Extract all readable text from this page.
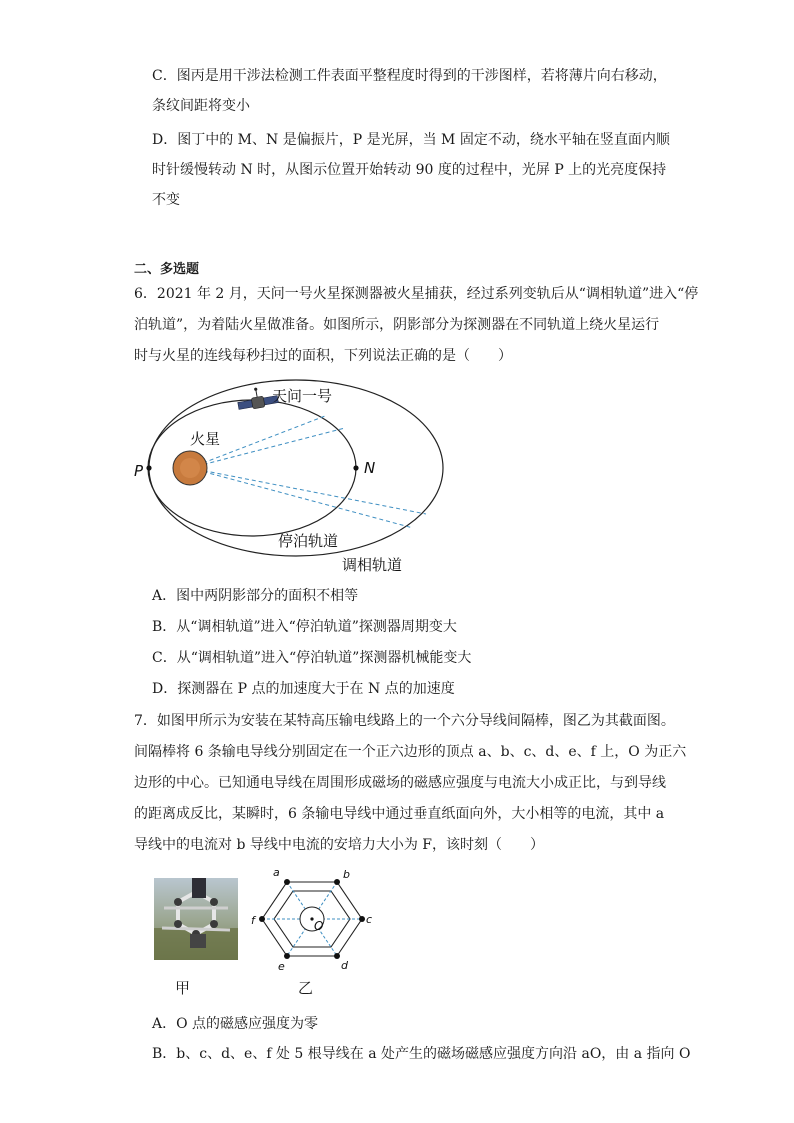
C．图丙是用干涉法检测工件表面平整程度时得到的干涉图样，若将薄片向右移动，
条纹间距将变小
D．图丁中的 M、N 是偏振片，P 是光屏，当 M 固定不动，绕水平轴在竖直面内顺
时针缓慢转动 N 时，从图示位置开始转动 90 度的过程中，光屏 P 上的光亮度保持
不变
二、多选题
6．2021 年 2 月，天问一号火星探测器被火星捕获，经过系列变轨后从“调相轨道”进入“停
泊轨道”，为着陆火星做准备。如图所示，阴影部分为探测器在不同轨道上绕火星运行
时与火星的连线每秒扫过的面积，下列说法正确的是（　　）
天问一号
火星
P	N
停泊轨道
调相轨道
A．图中两阴影部分的面积不相等
B．从“调相轨道”进入“停泊轨道”探测器周期变大
C．从“调相轨道”进入“停泊轨道”探测器机械能变大
D．探测器在 P 点的加速度大于在 N 点的加速度
7．如图甲所示为安装在某特高压输电线路上的一个六分导线间隔棒，图乙为其截面图。
间隔棒将 6 条输电导线分别固定在一个正六边形的顶点 a、b、c、d、e、f 上，O 为正六
边形的中心。已知通电导线在周围形成磁场的磁感应强度与电流大小成正比，与到导线
的距离成反比，某瞬时，6 条输电导线中通过垂直纸面向外，大小相等的电流，其中 a
导线中的电流对 b 导线中电流的安培力大小为 F，该时刻（　　）
甲
a	b
c
d
e
f	O
乙
A．O 点的磁感应强度为零
B．b、c、d、e、f 处 5 根导线在 a 处产生的磁场磁感应强度方向沿 aO，由 a 指向 O
